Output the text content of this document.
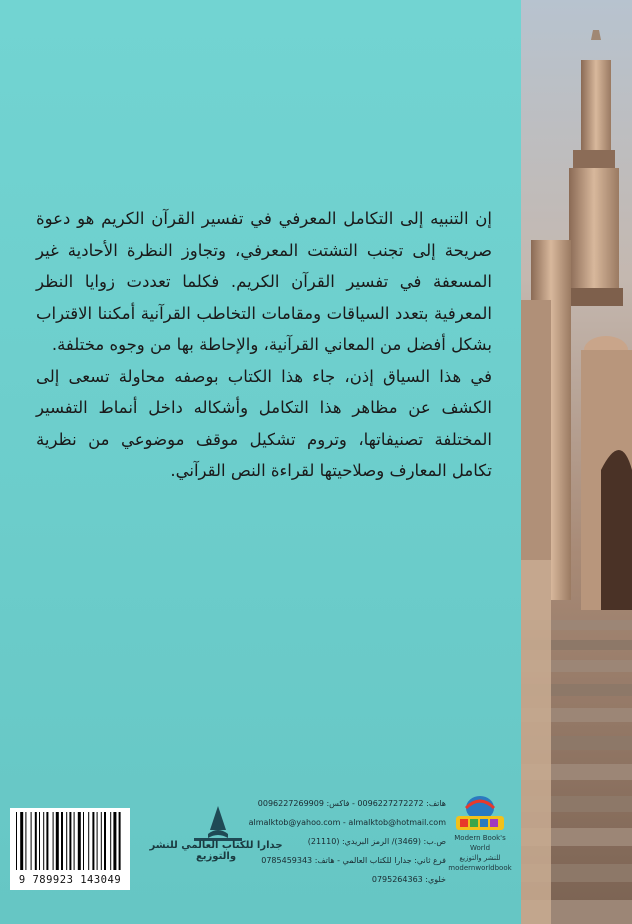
إن التنبيه إلى التكامل المعرفي في تفسير القرآن الكريم هو دعوة صريحة إلى تجنب التشتت المعرفي، وتجاوز النظرة الأحادية غير المسعفة في تفسير القرآن الكريم. فكلما تعددت زوايا النظر المعرفية بتعدد السياقات ومقامات التخاطب القرآنية أمكننا الاقتراب بشكل أفضل من المعاني القرآنية، والإحاطة بها من وجوه مختلفة.

في هذا السياق إذن، جاء هذا الكتاب بوصفه محاولة تسعى إلى الكشف عن مظاهر هذا التكامل وأشكاله داخل أنماط التفسير المختلفة تصنيفاتها، وتروم تشكيل موقف موضوعي من نظرية تكامل المعارف وصلاحيتها لقراءة النص القرآني.

9 789923 143049
جدارا للكتاب العالمي للنشر والتوزيع
هاتف: 0096227272272 - فاكس: 0096227269909
almalktob@yahoo.com - almalktob@hotmail.com
ص.ب: (3469)/ الرمز البريدي: (21110)
فرع ثاني: جدارا للكتاب العالمي - هاتف: 0785459343
خلوي: 0795264363
Modern Book's World
للنشر والتوزيع
modernworldbook
